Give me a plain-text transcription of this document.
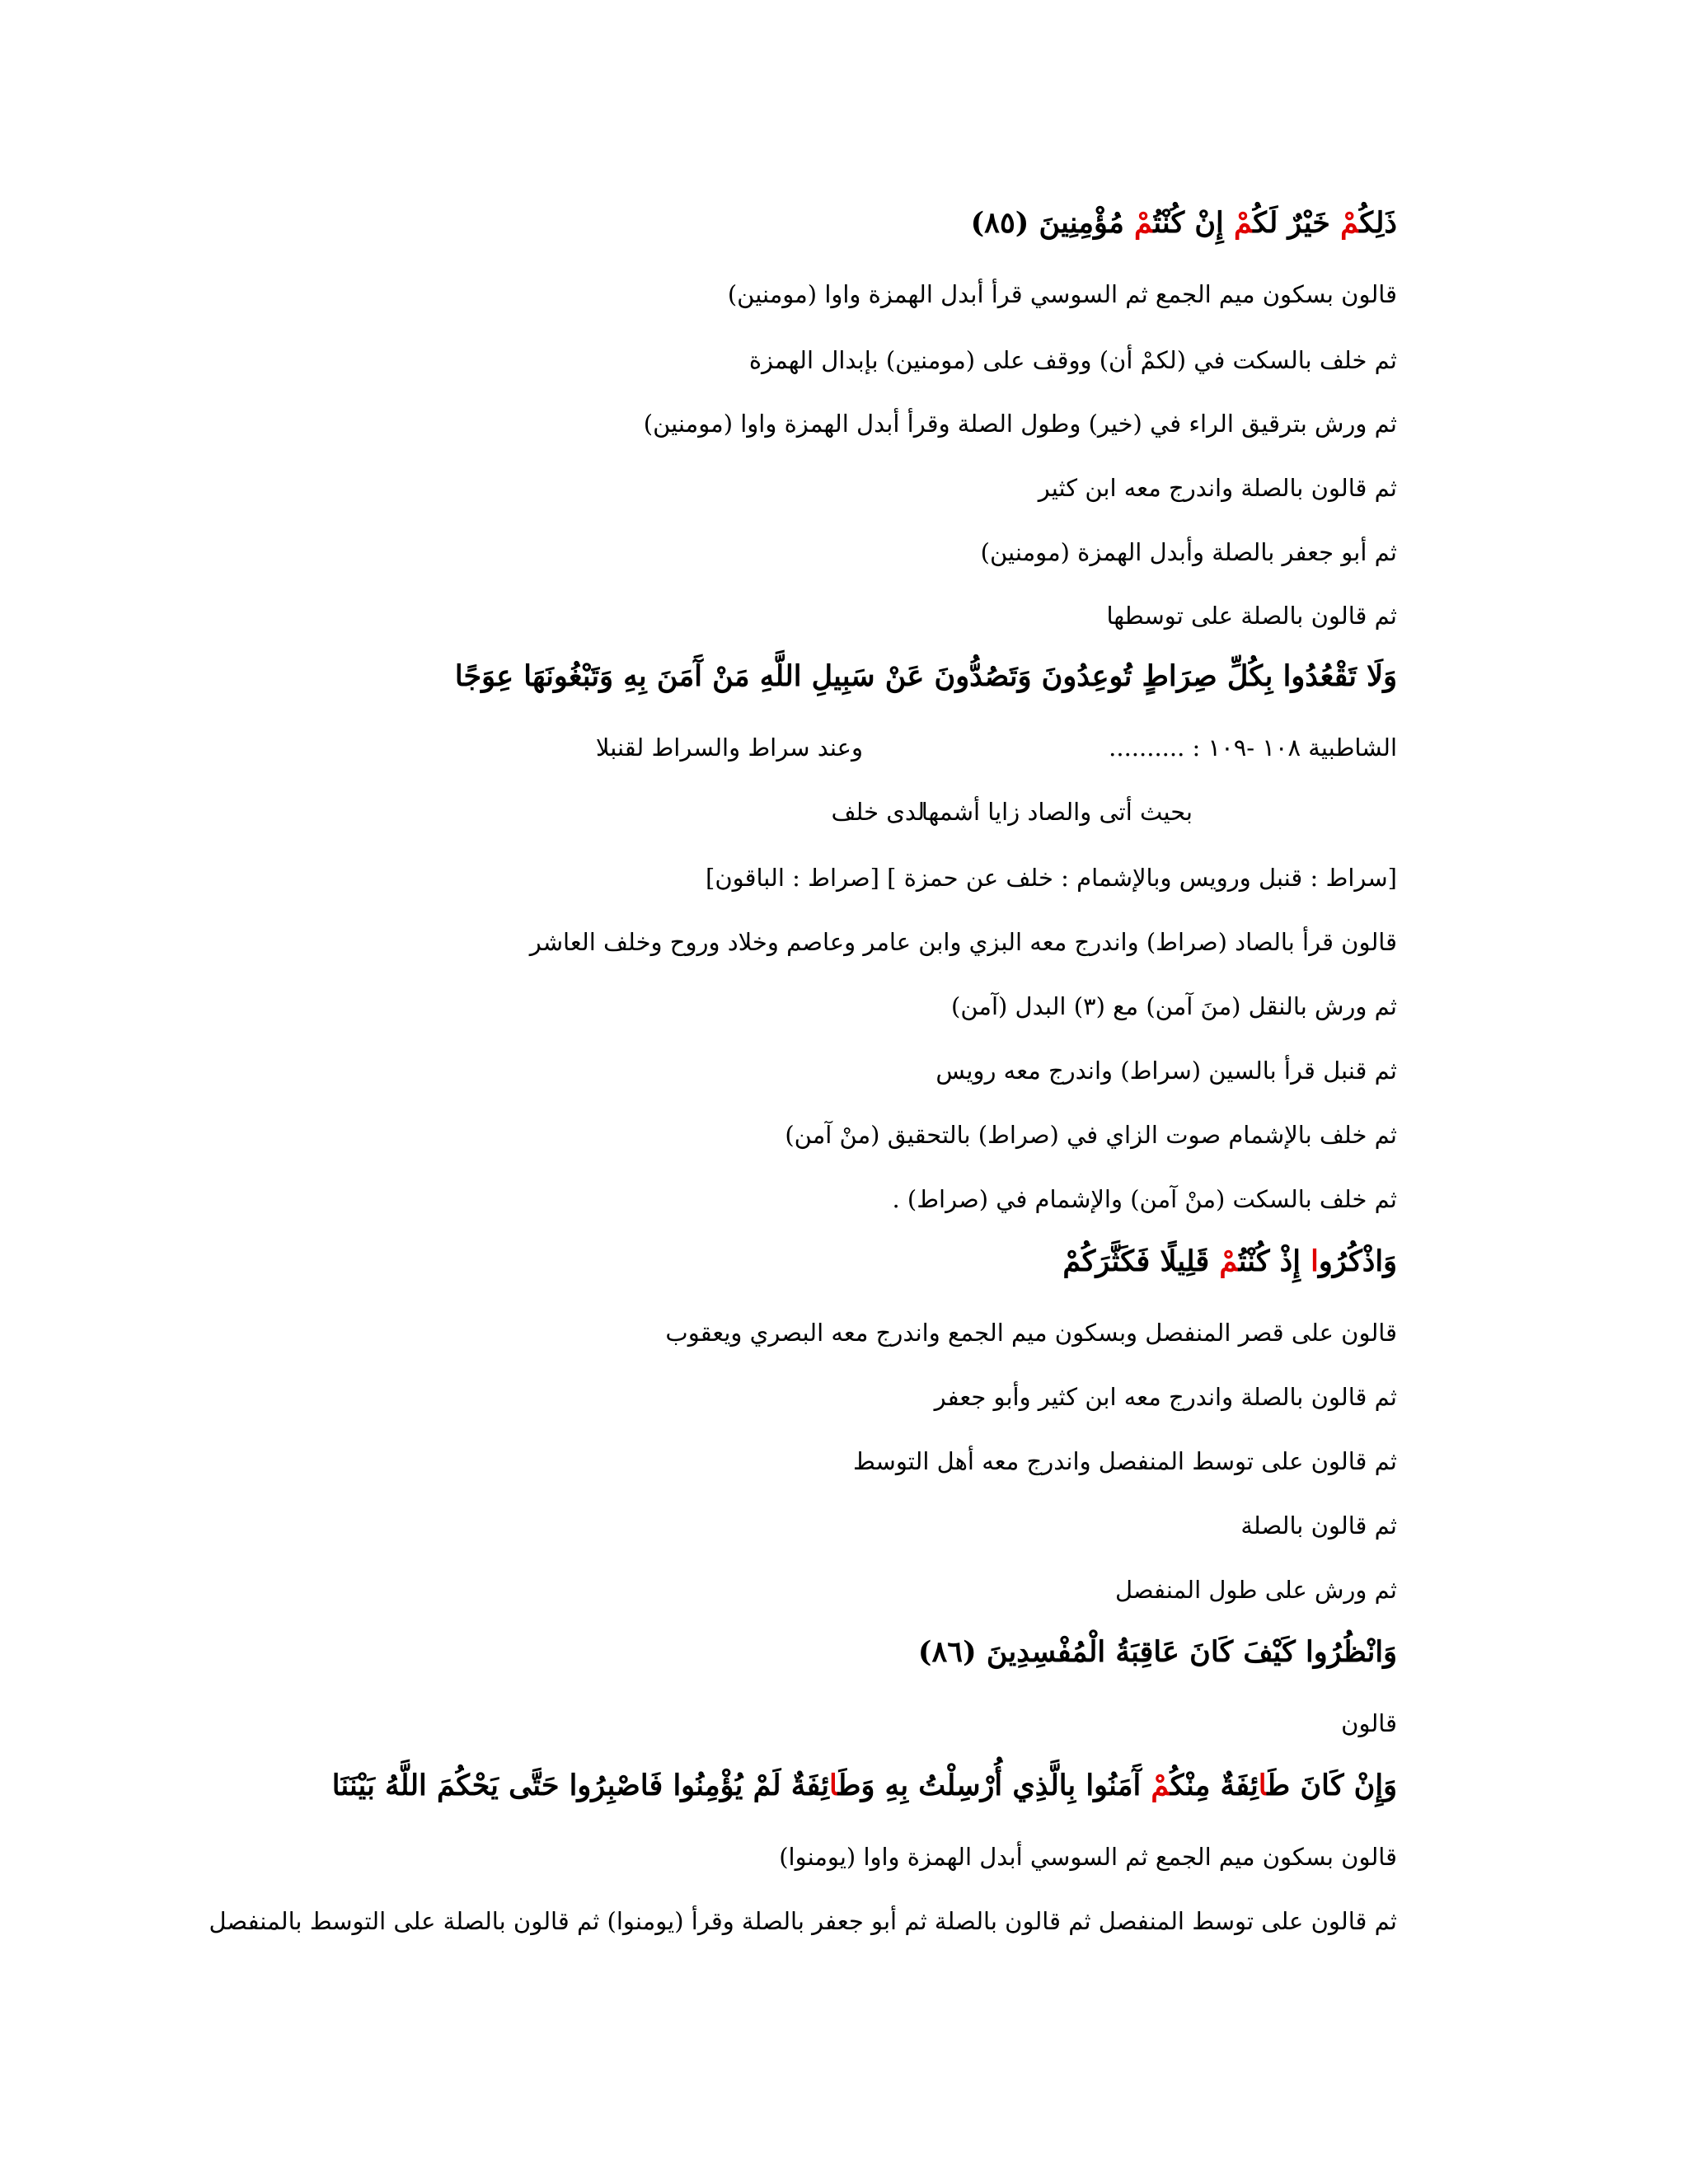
ذَلِكُمْ خَيْرٌ لَكُمْ إِنْ كُنْتُمْ مُؤْمِنِينَ (٨٥)
قالون بسكون ميم الجمع ثم السوسي قرأ أبدل الهمزة واوا (مومنين)
ثم خلف بالسكت في (لكمْ أن) ووقف على (مومنين) بإبدال الهمزة
ثم ورش بترقيق الراء في (خير) وطول الصلة وقرأ أبدل الهمزة واوا (مومنين)
ثم قالون بالصلة واندرج معه ابن كثير
ثم أبو جعفر بالصلة وأبدل الهمزة (مومنين)
ثم قالون بالصلة على توسطها
وَلَا تَقْعُدُوا بِكُلِّ صِرَاطٍ تُوعِدُونَ وَتَصُدُّونَ عَنْ سَبِيلِ اللَّهِ مَنْ آَمَنَ بِهِ وَتَبْغُونَهَا عِوَجًا
الشاطبية ١٠٨ -١٠٩ : ..........
وعند سراط والسراط لقنبلا
بحيث أتى والصاد زايا أشمها
لدى خلف
[سراط : قنبل ورويس وبالإشمام : خلف عن حمزة ] [صراط : الباقون]
قالون قرأ بالصاد (صراط) واندرج معه البزي وابن عامر وعاصم وخلاد وروح وخلف العاشر
ثم ورش بالنقل (منَ آمن) مع (٣) البدل (آمن)
ثم قنبل قرأ بالسين (سراط) واندرج معه رويس
ثم خلف بالإشمام صوت الزاي في (صراط) بالتحقيق (منْ آمن)
ثم خلف بالسكت (منْ آمن) والإشمام في (صراط) .
وَاذْكُرُوا إِذْ كُنْتُمْ قَلِيلًا فَكَثَّرَكُمْ
قالون على قصر المنفصل وبسكون ميم الجمع واندرج معه البصري ويعقوب
ثم قالون بالصلة واندرج معه ابن كثير وأبو جعفر
ثم قالون على توسط المنفصل واندرج معه أهل التوسط
ثم قالون بالصلة
ثم ورش على طول المنفصل
وَانْظُرُوا كَيْفَ كَانَ عَاقِبَةُ الْمُفْسِدِينَ (٨٦)
قالون
وَإِنْ كَانَ طَائِفَةٌ مِنْكُمْ آَمَنُوا بِالَّذِي أُرْسِلْتُ بِهِ وَطَائِفَةٌ لَمْ يُؤْمِنُوا فَاصْبِرُوا حَتَّى يَحْكُمَ اللَّهُ بَيْنَنَا
قالون بسكون ميم الجمع ثم السوسي أبدل الهمزة واوا (يومنوا)
ثم قالون على توسط المنفصل ثم قالون بالصلة ثم أبو جعفر بالصلة وقرأ (يومنوا) ثم قالون بالصلة على التوسط بالمنفصل
